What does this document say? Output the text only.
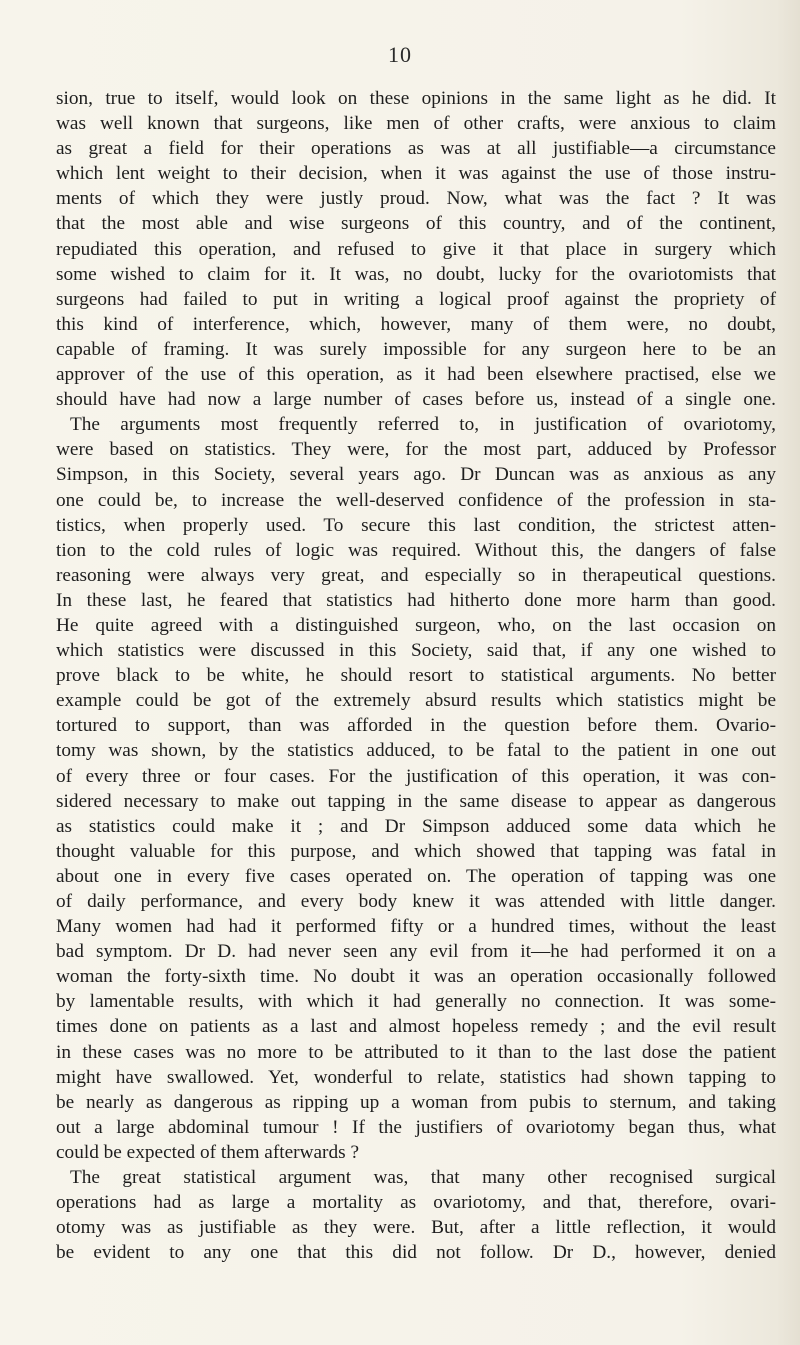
10
sion, true to itself, would look on these opinions in the same light as he did. It
was well known that surgeons, like men of other crafts, were anxious to claim
as great a field for their operations as was at all justifiable—a circumstance
which lent weight to their decision, when it was against the use of those instru-
ments of which they were justly proud. Now, what was the fact ? It was
that the most able and wise surgeons of this country, and of the continent,
repudiated this operation, and refused to give it that place in surgery which
some wished to claim for it. It was, no doubt, lucky for the ovariotomists that
surgeons had failed to put in writing a logical proof against the propriety of
this kind of interference, which, however, many of them were, no doubt,
capable of framing. It was surely impossible for any surgeon here to be an
approver of the use of this operation, as it had been elsewhere practised, else we
should have had now a large number of cases before us, instead of a single one.
The arguments most frequently referred to, in justification of ovariotomy,
were based on statistics. They were, for the most part, adduced by Professor
Simpson, in this Society, several years ago. Dr Duncan was as anxious as any
one could be, to increase the well-deserved confidence of the profession in sta-
tistics, when properly used. To secure this last condition, the strictest atten-
tion to the cold rules of logic was required. Without this, the dangers of false
reasoning were always very great, and especially so in therapeutical questions.
In these last, he feared that statistics had hitherto done more harm than good.
He quite agreed with a distinguished surgeon, who, on the last occasion on
which statistics were discussed in this Society, said that, if any one wished to
prove black to be white, he should resort to statistical arguments. No better
example could be got of the extremely absurd results which statistics might be
tortured to support, than was afforded in the question before them. Ovario-
tomy was shown, by the statistics adduced, to be fatal to the patient in one out
of every three or four cases. For the justification of this operation, it was con-
sidered necessary to make out tapping in the same disease to appear as dangerous
as statistics could make it ; and Dr Simpson adduced some data which he
thought valuable for this purpose, and which showed that tapping was fatal in
about one in every five cases operated on. The operation of tapping was one
of daily performance, and every body knew it was attended with little danger.
Many women had had it performed fifty or a hundred times, without the least
bad symptom. Dr D. had never seen any evil from it—he had performed it on a
woman the forty-sixth time. No doubt it was an operation occasionally followed
by lamentable results, with which it had generally no connection. It was some-
times done on patients as a last and almost hopeless remedy ; and the evil result
in these cases was no more to be attributed to it than to the last dose the patient
might have swallowed. Yet, wonderful to relate, statistics had shown tapping to
be nearly as dangerous as ripping up a woman from pubis to sternum, and taking
out a large abdominal tumour ! If the justifiers of ovariotomy began thus, what
could be expected of them afterwards ?
The great statistical argument was, that many other recognised surgical
operations had as large a mortality as ovariotomy, and that, therefore, ovari-
otomy was as justifiable as they were. But, after a little reflection, it would
be evident to any one that this did not follow. Dr D., however, denied
